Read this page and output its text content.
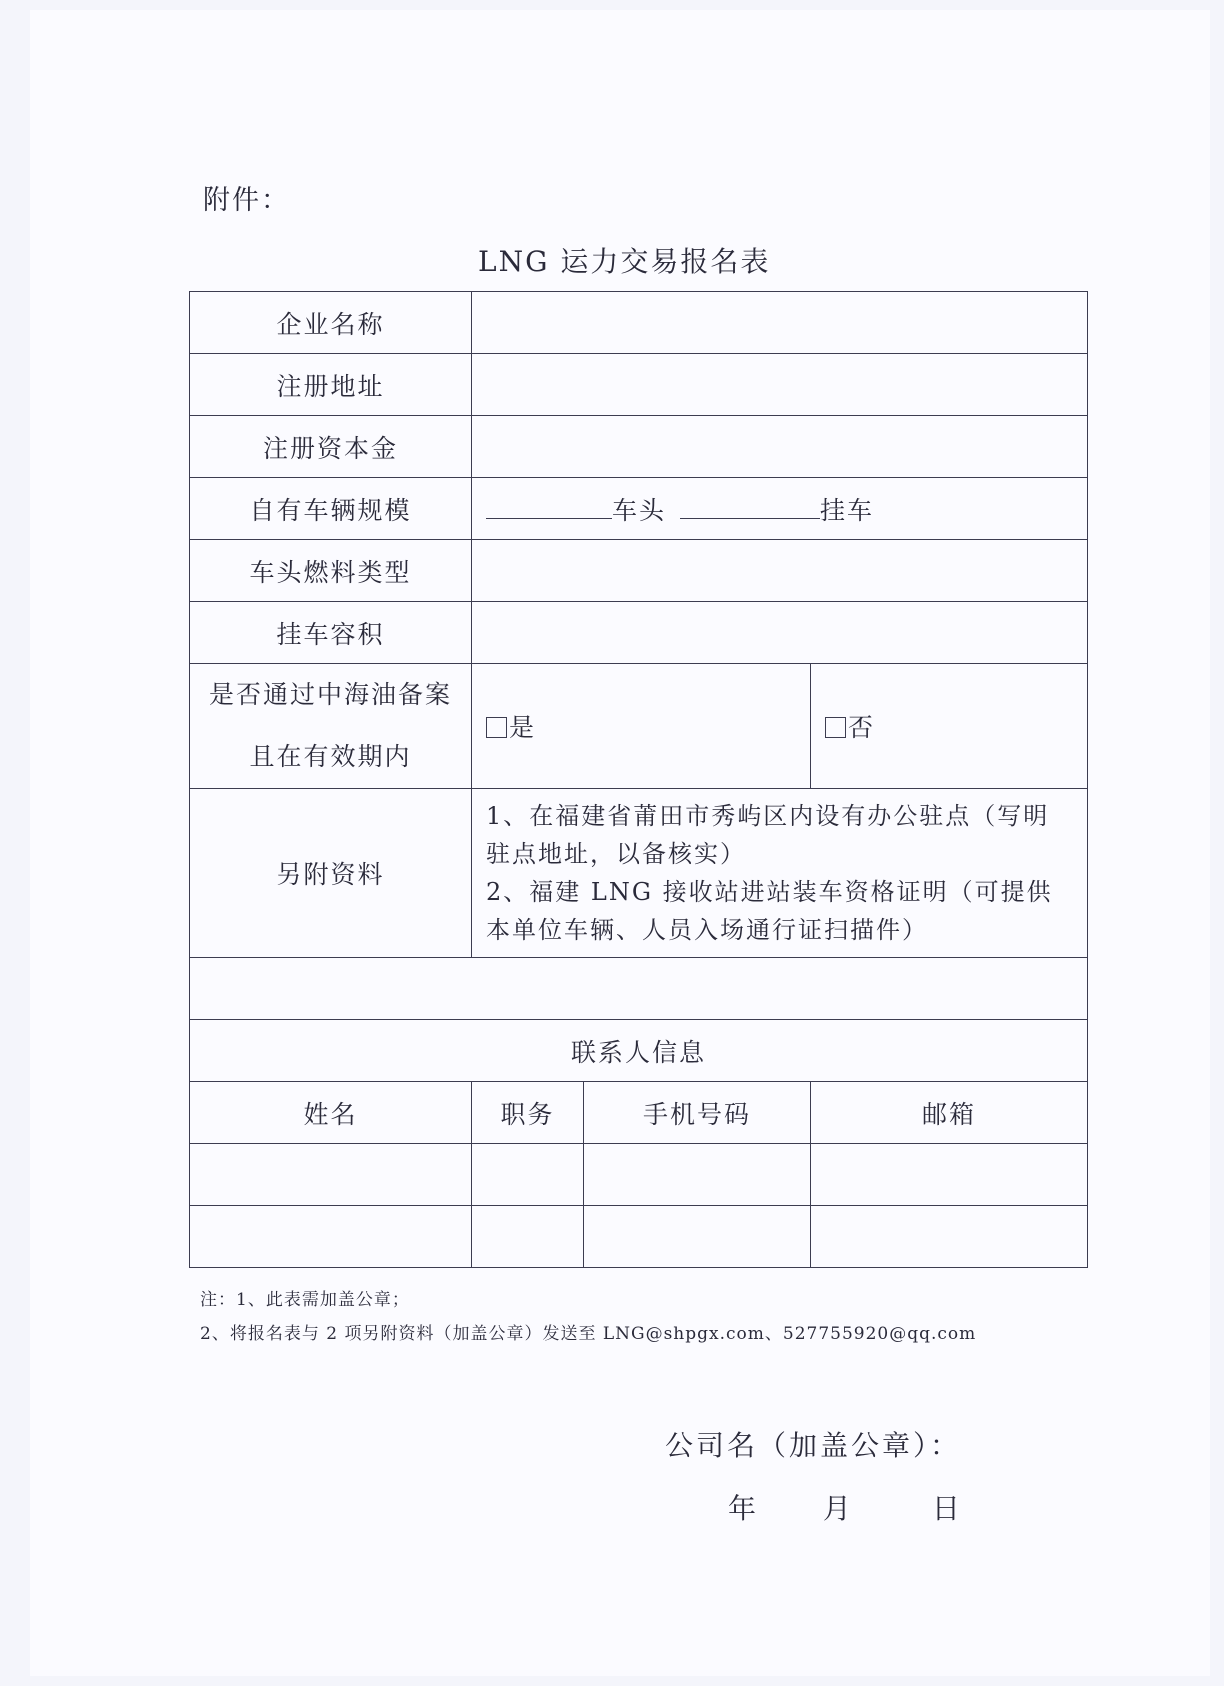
附件：
LNG 运力交易报名表
企业名称			
注册地址			
注册资本金			
自有车辆规模	车头 挂车		
车头燃料类型			
挂车容积			

是否通过中海油备案
且在有效期内	是		否
另附资料	1、在福建省莆田市秀屿区内设有办公驻点（写明驻点地址，以备核实）

2、福建 LNG 接收站进站装车资格证明（可提供本单位车辆、人员入场通行证扫描件）		

联系人信息			
姓名	职务	手机号码	邮箱

注：1、此表需加盖公章；

2、将报名表与 2 项另附资料（加盖公章）发送至 LNG@shpgx.com、527755920@qq.com

公司名（加盖公章）：
年 月	日
